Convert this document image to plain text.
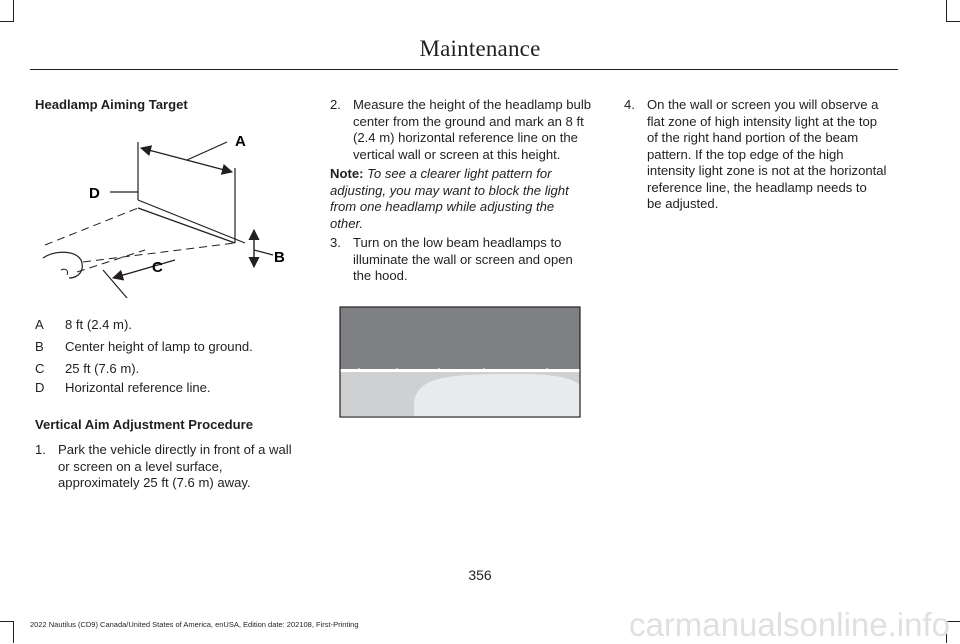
Maintenance
Headlamp Aiming Target
A
D
B
C
A 8 ft (2.4 m).
B Center height of lamp to ground.
C 25 ft (7.6 m).
D Horizontal reference line.
Vertical Aim Adjustment Procedure
1. Park the vehicle directly in front of a wall
or screen on a level surface,
approximately 25 ft (7.6 m) away.
2. Measure the height of the headlamp bulb
center from the ground and mark an 8 ft
(2.4 m) horizontal reference line on the
vertical wall or screen at this height.
Note: To see a clearer light pattern for
adjusting, you may want to block the light
from one headlamp while adjusting the
other.
3. Turn on the low beam headlamps to
illuminate the wall or screen and open
the hood.
4. On the wall or screen you will observe a
flat zone of high intensity light at the top
of the right hand portion of the beam
pattern. If the top edge of the high
intensity light zone is not at the horizontal
reference line, the headlamp needs to
be adjusted.
356
2022 Nautilus (CD9) Canada/United States of America, enUSA, Edition date: 202108, First-Printing	carmanualsonline.info
